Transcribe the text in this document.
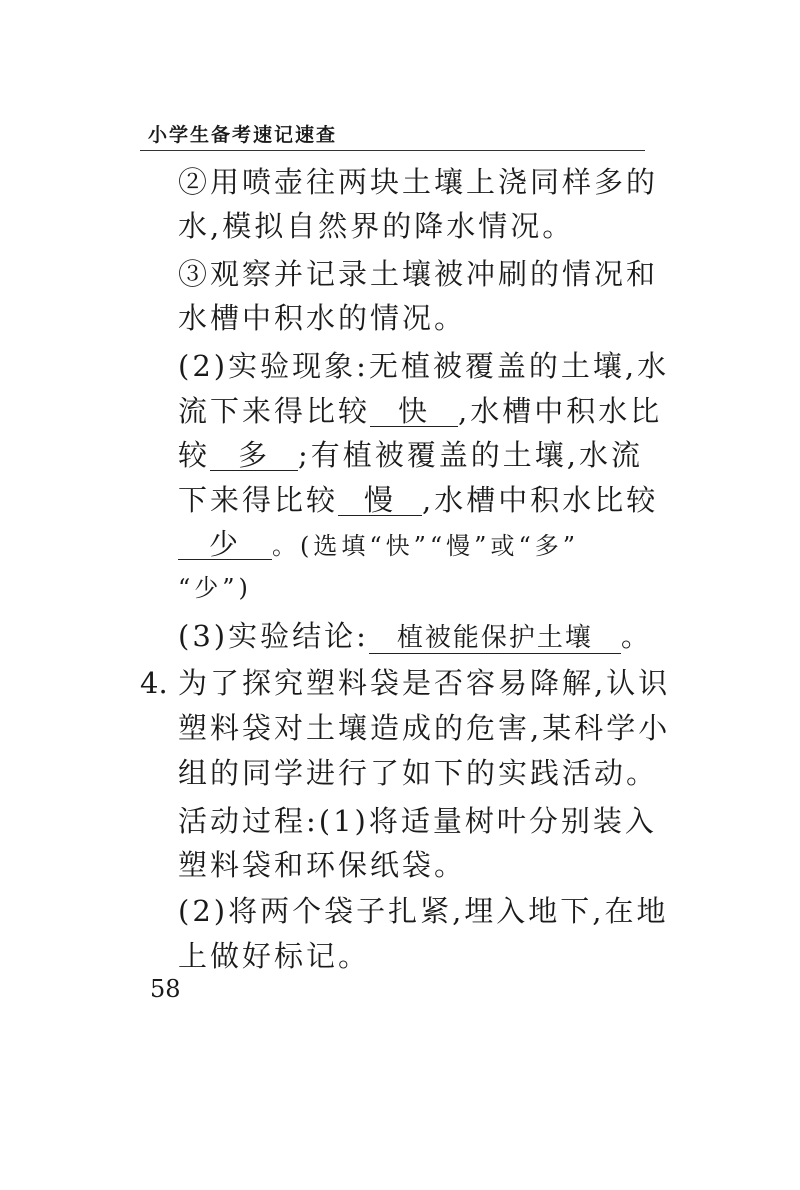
小学生备考速记速查
②用喷壶往两块土壤上浇同样多的
水,模拟自然界的降水情况。
③观察并记录土壤被冲刷的情况和
水槽中积水的情况。
(2)实验现象:无植被覆盖的土壤,水
流下来得比较 快 ,水槽中积水比
较 多 ;有植被覆盖的土壤,水流
下来得比较 慢 ,水槽中积水比较
少 。(选填“快”“慢”或“多”
“少”)
(3)实验结论: 植被能保护土壤 。
4. 为了探究塑料袋是否容易降解,认识
塑料袋对土壤造成的危害,某科学小
组的同学进行了如下的实践活动。
活动过程:(1)将适量树叶分别装入
塑料袋和环保纸袋。
(2)将两个袋子扎紧,埋入地下,在地
上做好标记。
58
